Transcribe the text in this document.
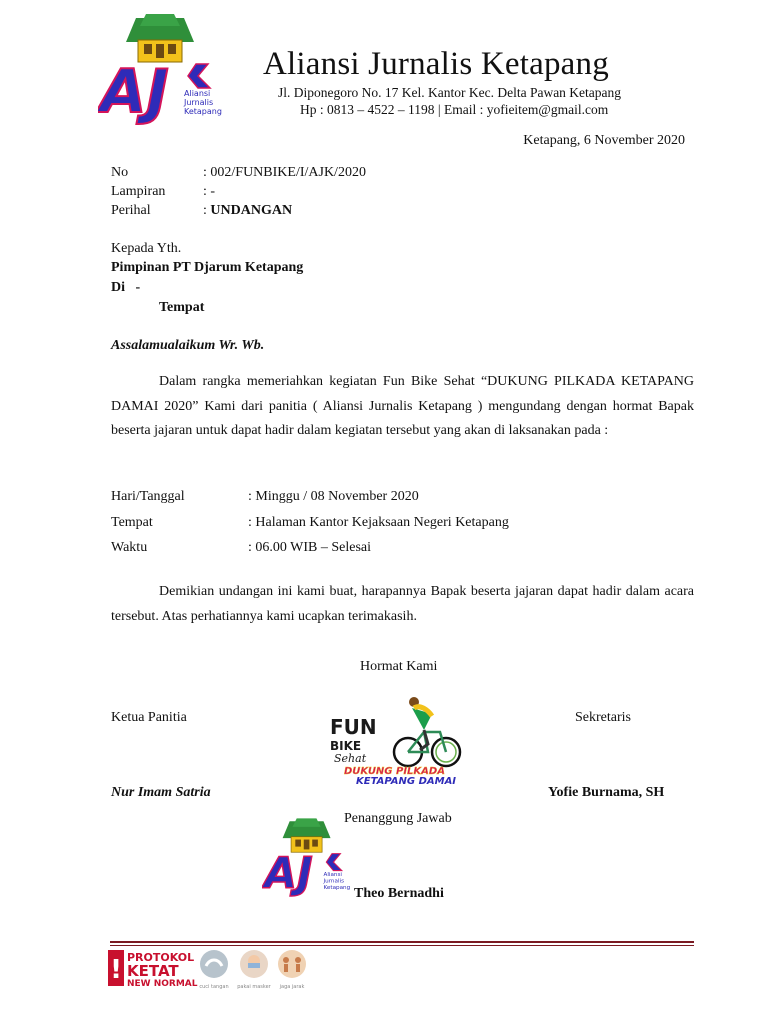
AJ Aliansi
Jurnalis
Ketapang
Aliansi Jurnalis Ketapang
Jl. Diponegoro No. 17 Kel. Kantor Kec. Delta Pawan Ketapang
Hp : 0813 – 4522 – 1198 | Email : yofieitem@gmail.com
Ketapang, 6 November 2020
No	: 002/FUNBIKE/I/AJK/2020
Lampiran	: -
Perihal	: UNDANGAN
Kepada Yth.
Pimpinan PT Djarum Ketapang
Di   -
Tempat
Assalamualaikum Wr. Wb.
Dalam rangka memeriahkan kegiatan Fun Bike Sehat “DUKUNG PILKADA KETAPANG DAMAI 2020” Kami dari panitia ( Aliansi Jurnalis Ketapang ) mengundang dengan hormat Bapak beserta jajaran untuk dapat hadir dalam kegiatan tersebut yang akan di laksanakan pada :
Hari/Tanggal	: Minggu / 08 November 2020
Tempat	: Halaman Kantor Kejaksaan Negeri Ketapang
Waktu	: 06.00 WIB – Selesai
Demikian undangan ini kami buat, harapannya Bapak beserta jajaran dapat hadir dalam acara tersebut. Atas perhatiannya kami ucapkan terimakasih.
Hormat Kami
Ketua Panitia	Sekretaris
Nur Imam Satria	Yofie Burnama, SH
FUN
BIKE
Sehat
DUKUNG PILKADA
KETAPANG DAMAI
Penanggung Jawab
AJ Aliansi
Jurnalis
Ketapang Theo Bernadhi
! PROTOKOL
KETAT
NEW NORMAL cuci tangan pakai masker jaga jarak
